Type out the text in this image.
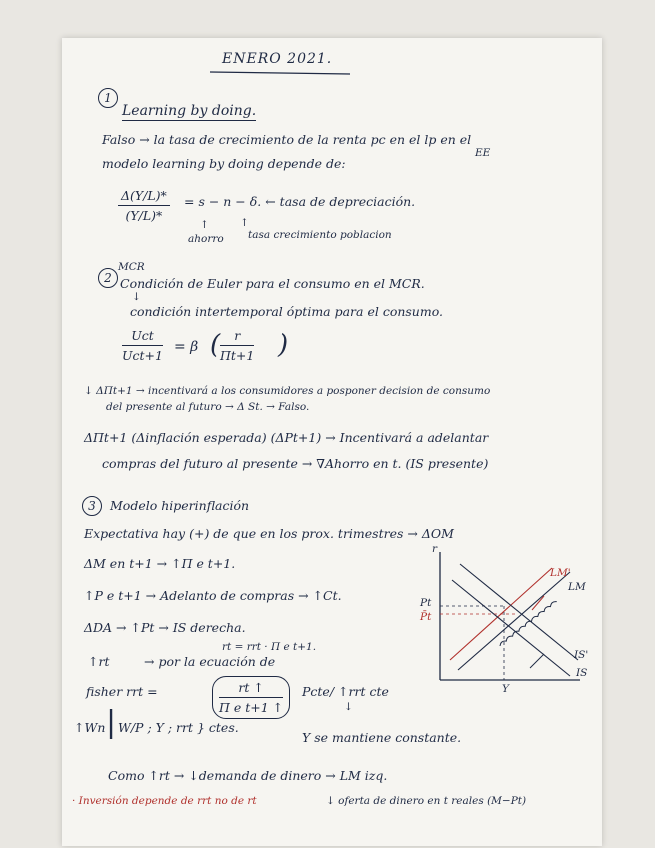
ENERO 2021.
1
Learning by doing.
Falso → la tasa de crecimiento de la renta pc en el lp en el
EE
modelo learning by doing depende de:
$\frac{\Delta(Y/L)*}{(Y/L)*} = s - n - \delta$. ← tasa de depreciación.
↑	↑
ahorro tasa crecimiento poblacion
MCR
2 Condición de Euler para el consumo en el MCR.
↓
condición intertemporal óptima para el consumo.
Uct
Uct+1
= β ( $\frac{r}{\Pi t+1}$ )
↓ ΔΠt+1 → incentivará a los consumidores a posponer decision de consumo
del presente al futuro → Δ St. → Falso.
ΔΠt+1 (Δinflación esperada) (ΔPt+1) → Incentivará a adelantar
compras del futuro al presente → ∇Ahorro en t. (IS presente)
3	Modelo hiperinflación
Expectativa hay (+) de que en los prox. trimestres → ΔOM
ΔM en t+1 → ↑Π e t+1.
↑P e t+1 → Adelanto de compras → ↑Ct.
ΔDA → ↑Pt → IS derecha.
rt = rrt · Π e t+1.
↑rt	→ por la ecuación de
fisher rrt =	$\frac{rt ↑}{\text{Π e t+1 ↑}}$ Pcte/ ↑rrt cte
↓
↑Wn | W/P ; Y ; rrt } ctes.
Y se mantiene constante.
Como ↑rt → ↓demanda de dinero → LM izq.
· Inversión depende de rrt no de rt	↓ oferta de dinero en t reales (M−Pt)
r
Y
Pt
P̄t
LM'
LM
IS'
IS
